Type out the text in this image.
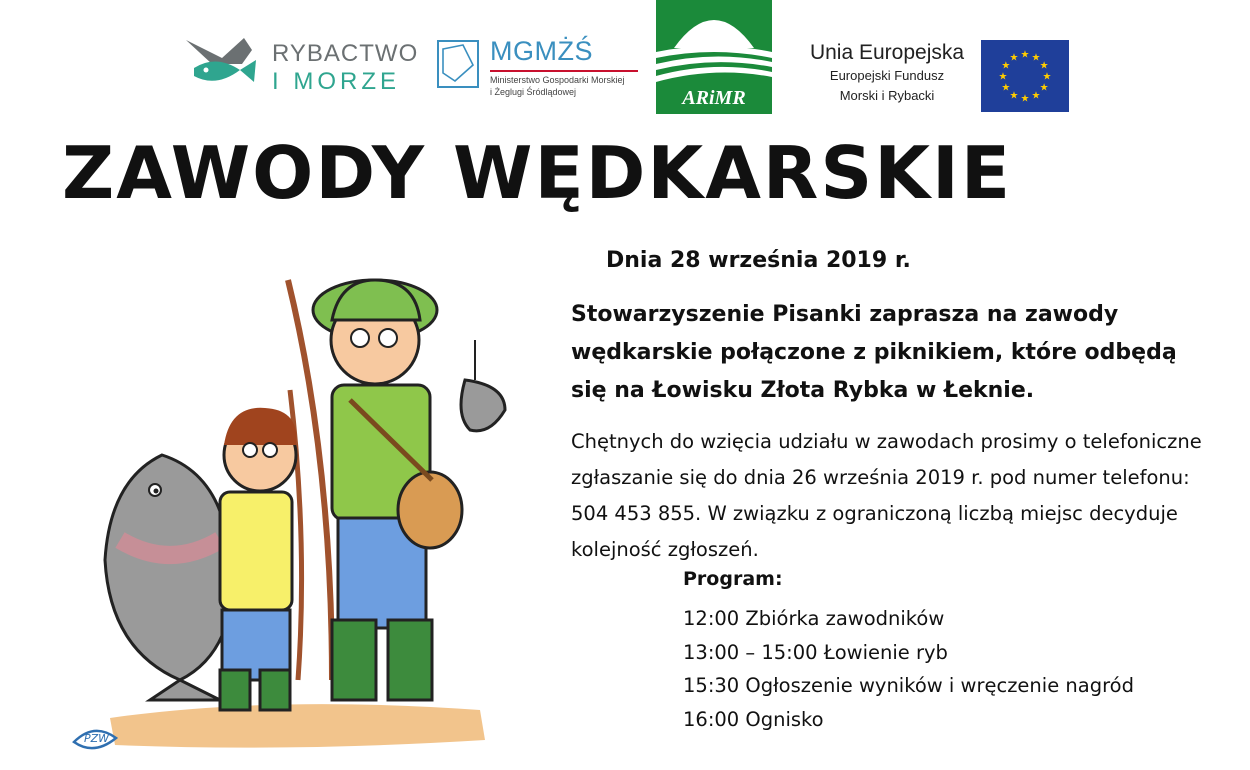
RYBACTWO
I MORZE
MGMŻŚ
Ministerstwo Gospodarki Morskiej
i Żeglugi Śródlądowej	ARiMR
Unia Europejska
Europejski Fundusz
Morski i Rybacki
★ ★
★
★
★
★
★
★
★
★
★
★
ZAWODY WĘDKARSKIE
PZW
Dnia 28 września 2019 r.
Stowarzyszenie Pisanki zaprasza na zawody wędkarskie połączone z piknikiem, które odbędą się na Łowisku Złota Rybka w Łeknie.
Chętnych do wzięcia udziału w zawodach prosimy o telefoniczne zgłaszanie się do dnia 26 września 2019 r. pod numer telefonu: 504 453 855. W związku z ograniczoną liczbą miejsc decyduje kolejność zgłoszeń.
Program:
12:00 Zbiórka zawodników
13:00 – 15:00 Łowienie ryb
15:30 Ogłoszenie wyników i wręczenie nagród
16:00 Ognisko
